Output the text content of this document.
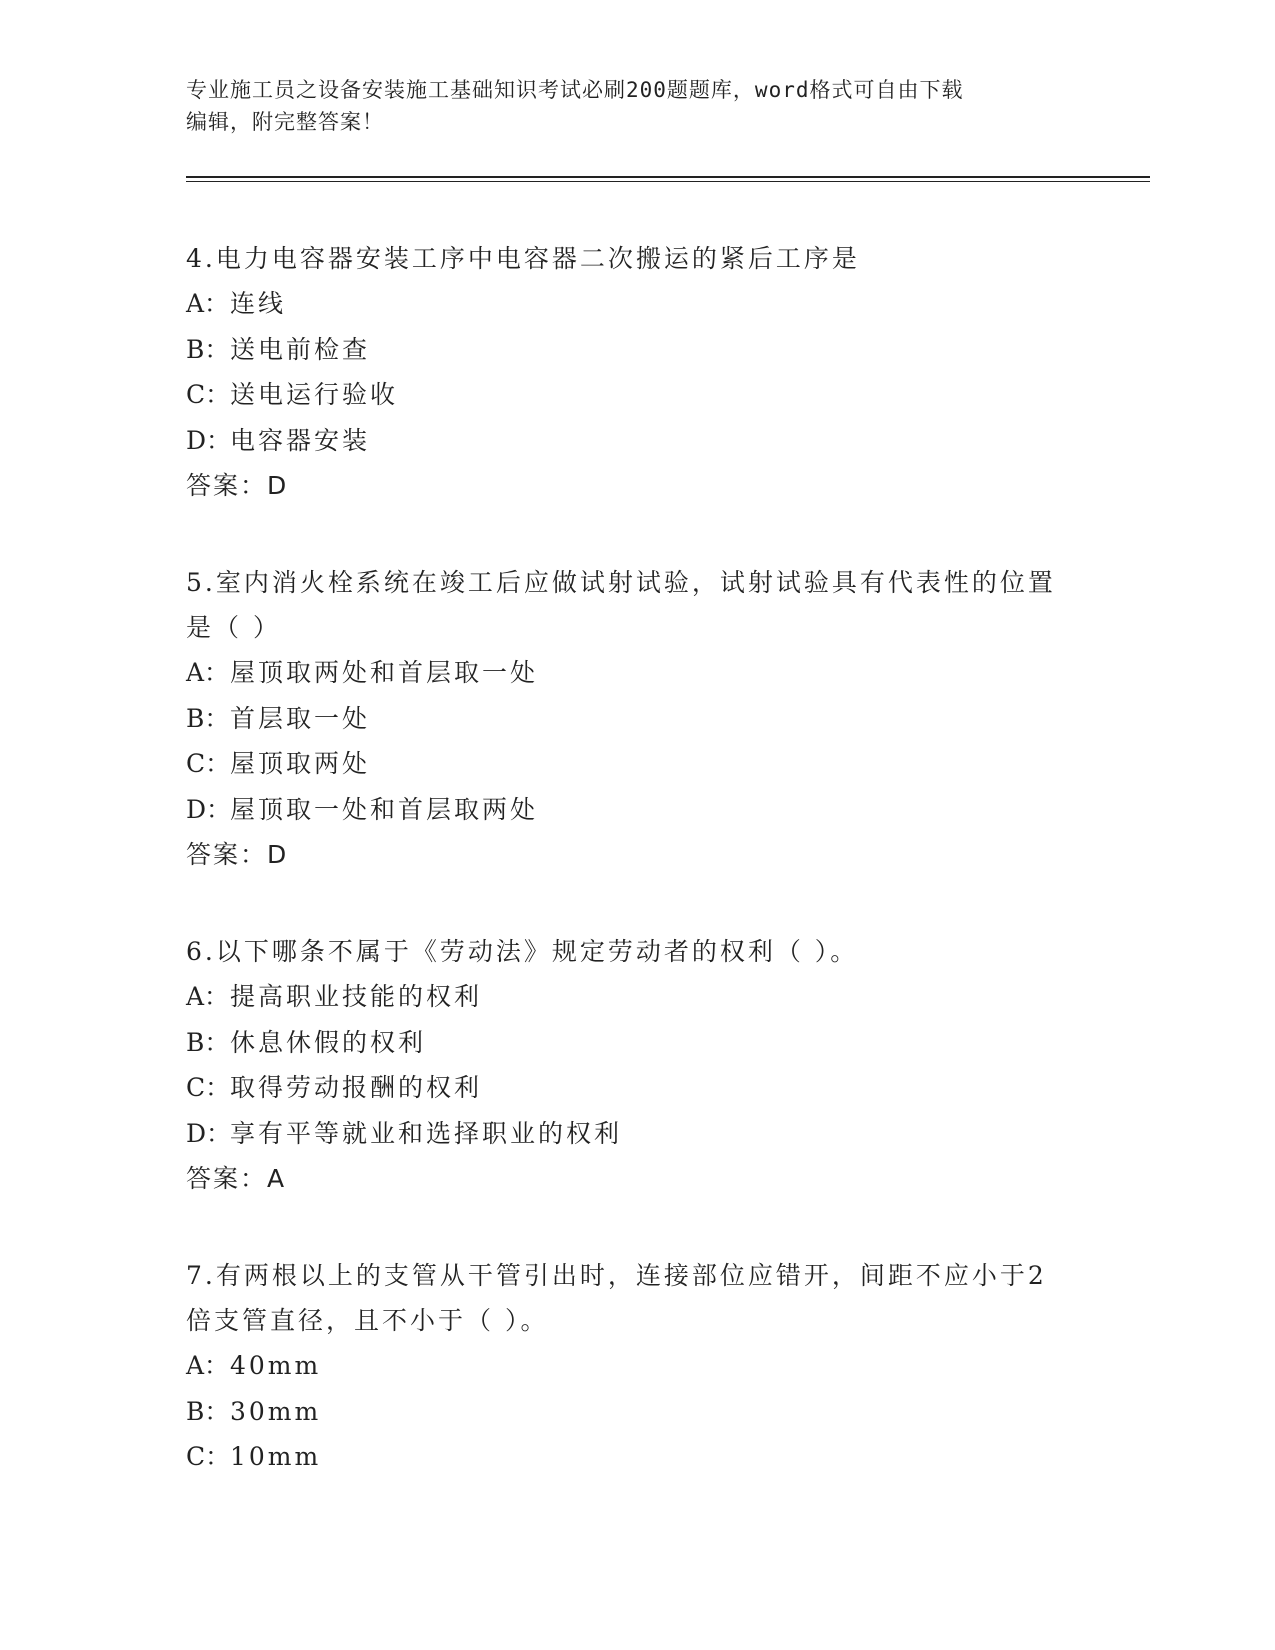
专业施工员之设备安装施工基础知识考试必刷200题题库，word格式可自由下载
编辑，附完整答案！

4.电力电容器安装工序中电容器二次搬运的紧后工序是

A：连线
B：送电前检查
C：送电运行验收
D：电容器安装

答案：D

5.室内消火栓系统在竣工后应做试射试验，试射试验具有代表性的位置是（ ）

A：屋顶取两处和首层取一处
B：首层取一处
C：屋顶取两处
D：屋顶取一处和首层取两处

答案：D

6.以下哪条不属于《劳动法》规定劳动者的权利（ ）。

A：提高职业技能的权利
B：休息休假的权利
C：取得劳动报酬的权利
D：享有平等就业和选择职业的权利

答案：A

7.有两根以上的支管从干管引出时，连接部位应错开，间距不应小于2倍支管直径，且不小于（ ）。

A：40mm
B：30mm
C：10mm
